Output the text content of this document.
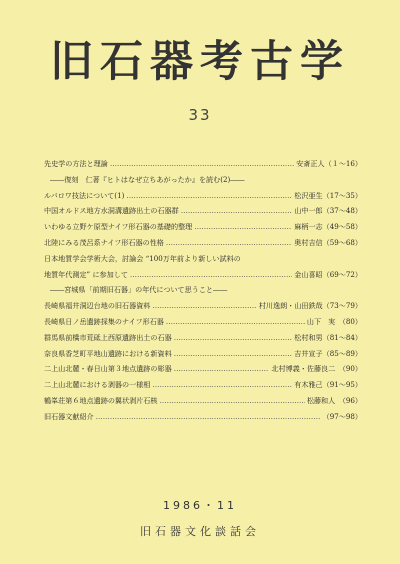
旧石器考古学
33
先史学の方法と理論 …………………………………………………………………………………………………………	安斎正人（１～16）
――復刻　仁著『ヒトはなぜ立ちあがったか』を読む(2)――
ルバロワ技法について(1) …………………………………………………………………………………………………………	松沢亜生（17～35）
中国オルドス地方水洞溝遺跡出土の石器群 …………………………………………………………………………………………………………	山中一郎（37～48）
いわゆる立野ケ原型ナイフ形石器の基礎的整理 …………………………………………………………………………………………………………	麻柄一志（49～58）
北陸にみる茂呂系ナイフ形石器の性格 …………………………………………………………………………………………………………	奥村吉信（59～68）
日本地質学会学術大会，討論会 “100万年前より新しい試料の
地質年代測定” に参加して …………………………………………………………………………………………………………	金山喜昭（69～72）
――宮城県「前期旧石器」の年代について思うこと――
長崎県福井洞辺台地の旧石器資料 …………………………………………………………………………………………………………	村川逸朗・山田鉄哉（73～79）
長崎県日ノ岳遺跡採集のナイフ形石器 …………………………………………………………………………………………………………	山下　実　（80）
群馬県前橋市荒砥上西原遺跡出土の石器 …………………………………………………………………………………………………………	松村和男（81～84）
奈良県香芝町平地山遺跡における新資料 …………………………………………………………………………………………………………	吉井宣子（85～89）
二上山北麓・春日山第３地点遺跡の彫器 …………………………………………………………………………………………………………	北村博義・佐藤良二　（90）
二上山北麓における剥器の一様相 …………………………………………………………………………………………………………	有木雅己（91～95）
鶴峯荘第６地点遺跡の翼状剥片石核 …………………………………………………………………………………………………………	松藤和人　（96）
旧石器文献紹介 …………………………………………………………………………………………………………	（97～98）
1986・11
旧石器文化談話会
